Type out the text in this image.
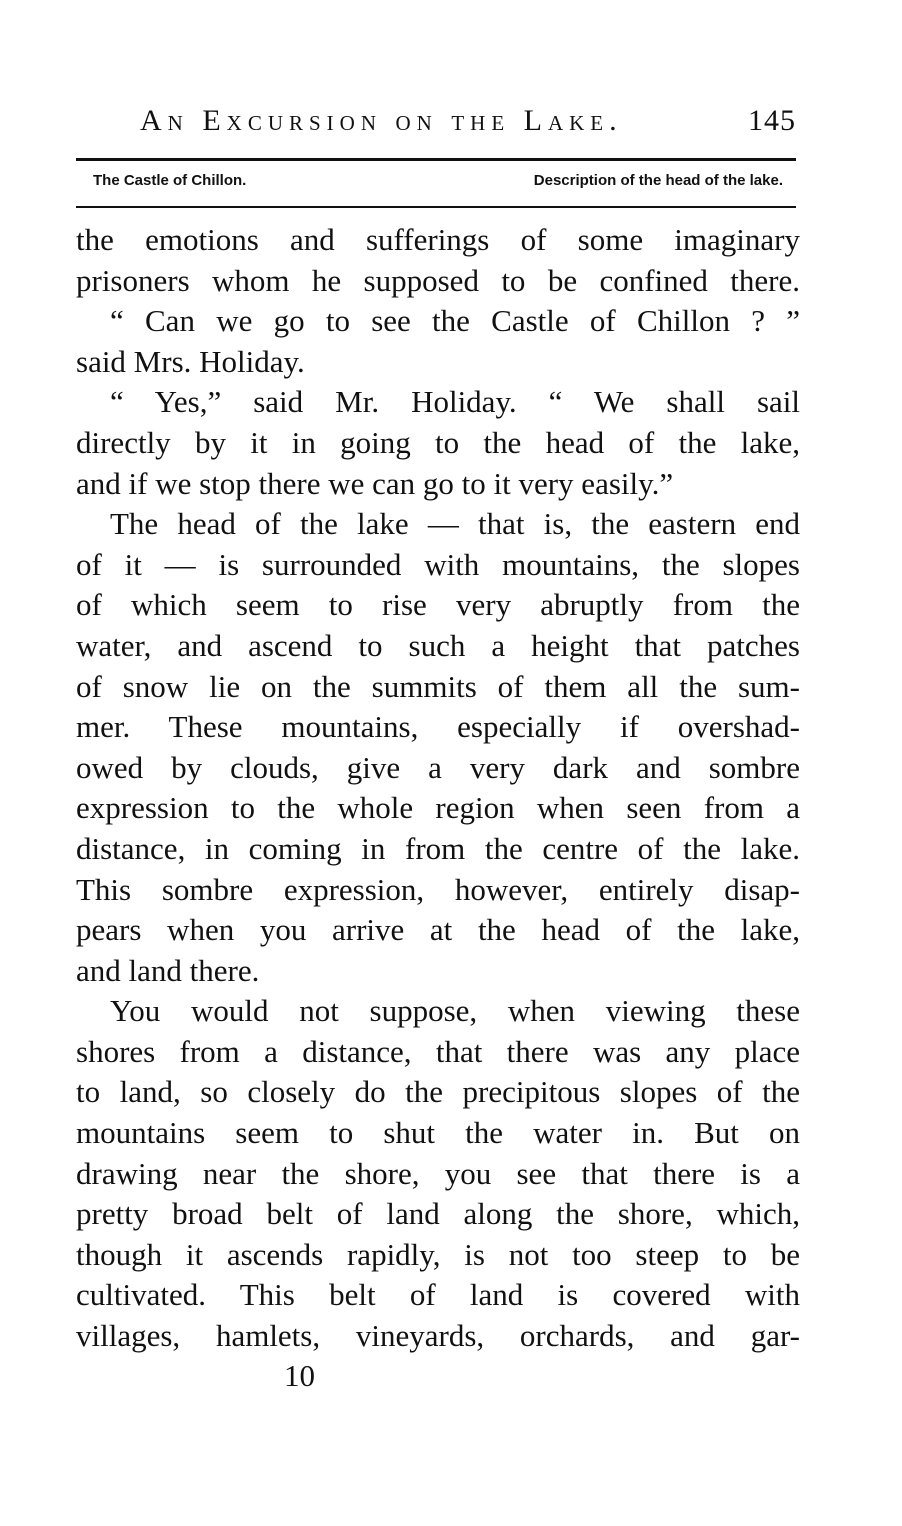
An Excursion on the Lake.	145
The Castle of Chillon.	Description of the head of the lake.
the emotions and sufferings of some imaginary
prisoners whom he supposed to be confined there.
“ Can we go to see the Castle of Chillon ? ”
said Mrs. Holiday.
“ Yes,” said Mr. Holiday. “ We shall sail
directly by it in going to the head of the lake,
and if we stop there we can go to it very easily.”
The head of the lake — that is, the eastern end
of it — is surrounded with mountains, the slopes
of which seem to rise very abruptly from the
water, and ascend to such a height that patches
of snow lie on the summits of them all the sum-
mer. These mountains, especially if overshad-
owed by clouds, give a very dark and sombre
expression to the whole region when seen from a
distance, in coming in from the centre of the lake.
This sombre expression, however, entirely disap-
pears when you arrive at the head of the lake,
and land there.
You would not suppose, when viewing these
shores from a distance, that there was any place
to land, so closely do the precipitous slopes of the
mountains seem to shut the water in. But on
drawing near the shore, you see that there is a
pretty broad belt of land along the shore, which,
though it ascends rapidly, is not too steep to be
cultivated. This belt of land is covered with
villages, hamlets, vineyards, orchards, and gar-
10
